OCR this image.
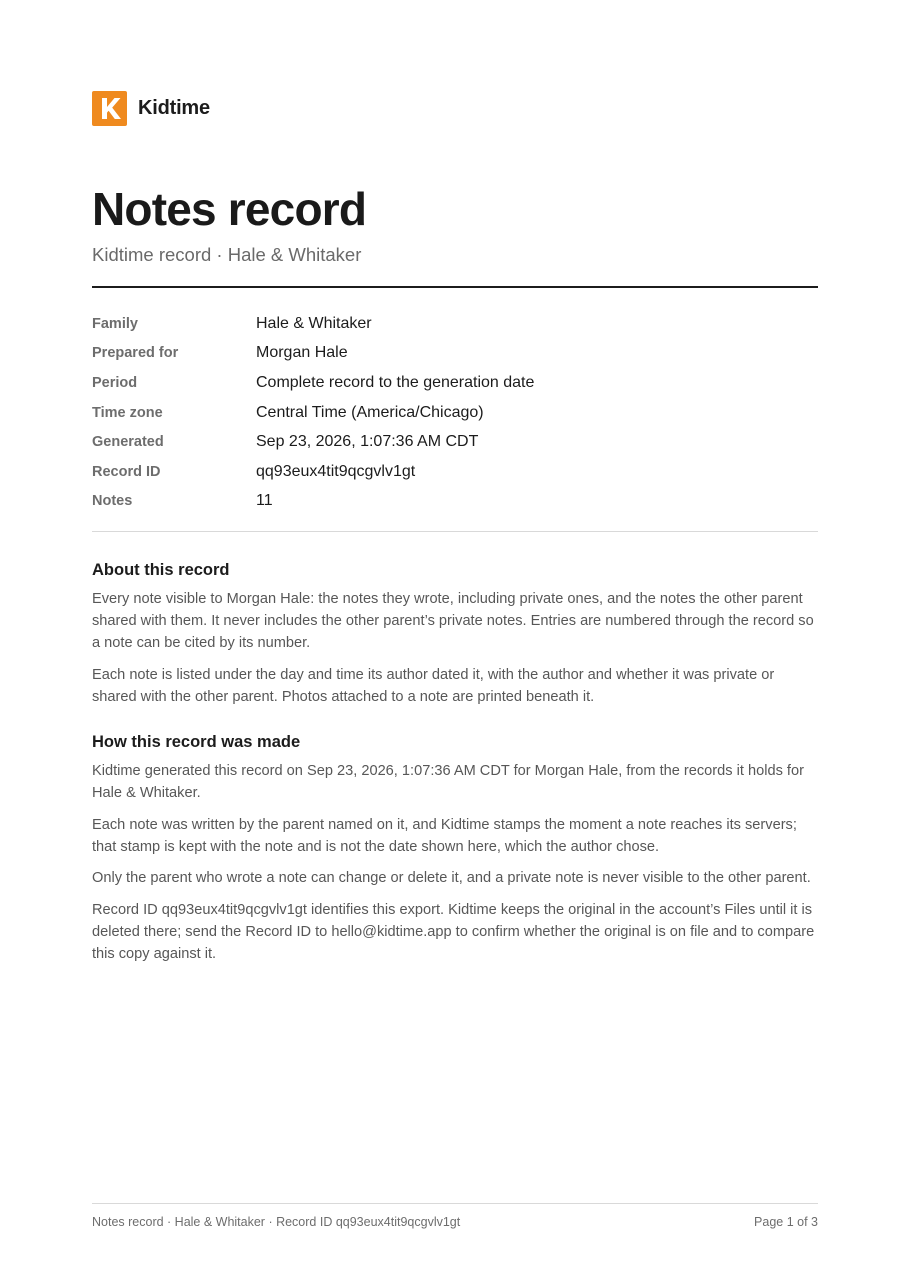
Kidtime
Notes record
Kidtime record · Hale & Whitaker
Family	Hale & Whitaker
Prepared for	Morgan Hale
Period	Complete record to the generation date
Time zone	Central Time (America/Chicago)
Generated	Sep 23, 2026, 1:07:36 AM CDT
Record ID	qq93eux4tit9qcgvlv1gt
Notes	11
About this record

Every note visible to Morgan Hale: the notes they wrote, including private ones, and the notes the other parent shared with them. It never includes the other parent’s private notes. Entries are numbered through the record so a note can be cited by its number.

Each note is listed under the day and time its author dated it, with the author and whether it was private or shared with the other parent. Photos attached to a note are printed beneath it.

How this record was made

Kidtime generated this record on Sep 23, 2026, 1:07:36 AM CDT for Morgan Hale, from the records it holds for Hale & Whitaker.

Each note was written by the parent named on it, and Kidtime stamps the moment a note reaches its servers; that stamp is kept with the note and is not the date shown here, which the author chose.

Only the parent who wrote a note can change or delete it, and a private note is never visible to the other parent.

Record ID qq93eux4tit9qcgvlv1gt identifies this export. Kidtime keeps the original in the account’s Files until it is deleted there; send the Record ID to hello@kidtime.app to confirm whether the original is on file and to compare this copy against it.

Notes record · Hale & Whitaker · Record ID qq93eux4tit9qcgvlv1gt	Page 1 of 3
